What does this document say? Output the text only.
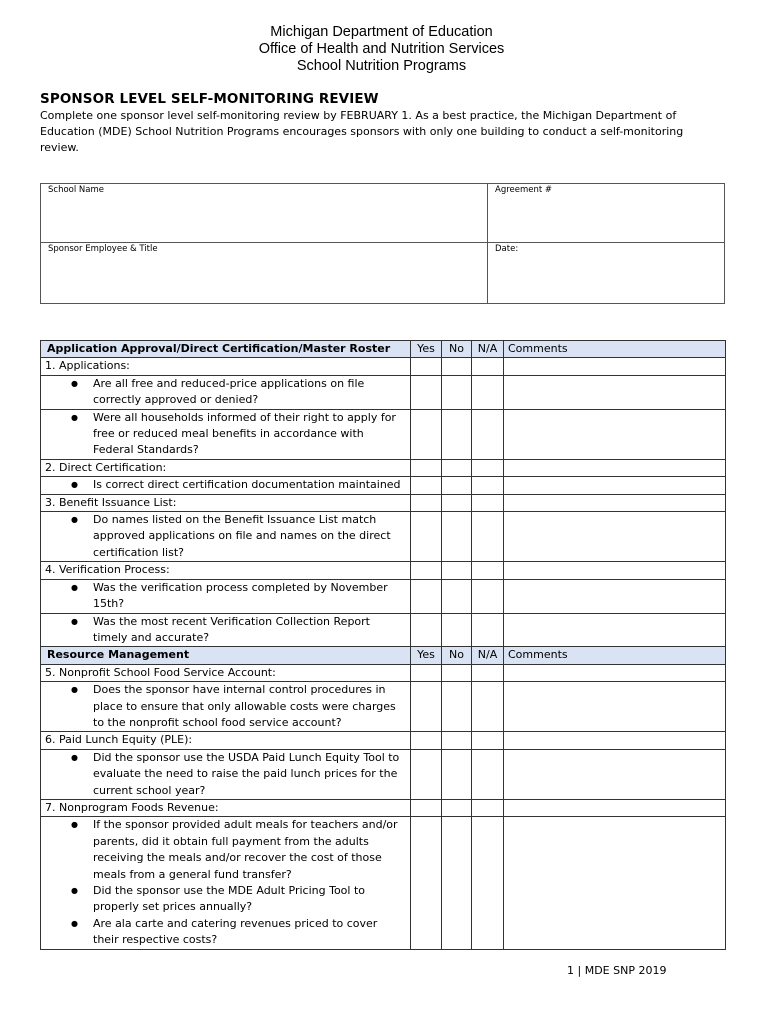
Michigan Department of Education
Office of Health and Nutrition Services
School Nutrition Programs
SPONSOR LEVEL SELF-MONITORING REVIEW
Complete one sponsor level self-monitoring review by FEBRUARY 1. As a best practice, the Michigan Department of Education (MDE) School Nutrition Programs encourages sponsors with only one building to conduct a self-monitoring review.
School Name	Agreement #
Sponsor Employee & Title	Date:
Application Approval/Direct Certification/Master Roster	Yes	No	N/A	Comments
1. Applications:				

● Are all free and reduced-price applications on file correctly approved or denied?

● Were all households informed of their right to apply for free or reduced meal benefits in accordance with Federal Standards?

2. Direct Certification:				

● Is correct direct certification documentation maintained

3. Benefit Issuance List:				

● Do names listed on the Benefit Issuance List match approved applications on file and names on the direct certification list?

4. Verification Process:				

● Was the verification process completed by November 15th?

● Was the most recent Verification Collection Report timely and accurate?

Resource Management	Yes	No	N/A	Comments
5. Nonprofit School Food Service Account:				

● Does the sponsor have internal control procedures in place to ensure that only allowable costs were charges to the nonprofit school food service account?

6. Paid Lunch Equity (PLE):				

● Did the sponsor use the USDA Paid Lunch Equity Tool to evaluate the need to raise the paid lunch prices for the current school year?

7. Nonprogram Foods Revenue:				

● If the sponsor provided adult meals for teachers and/or parents, did it obtain full payment from the adults receiving the meals and/or recover the cost of those meals from a general fund transfer?
● Did the sponsor use the MDE Adult Pricing Tool to properly set prices annually?
● Are ala carte and catering revenues priced to cover their respective costs?

1 | MDE SNP 2019
